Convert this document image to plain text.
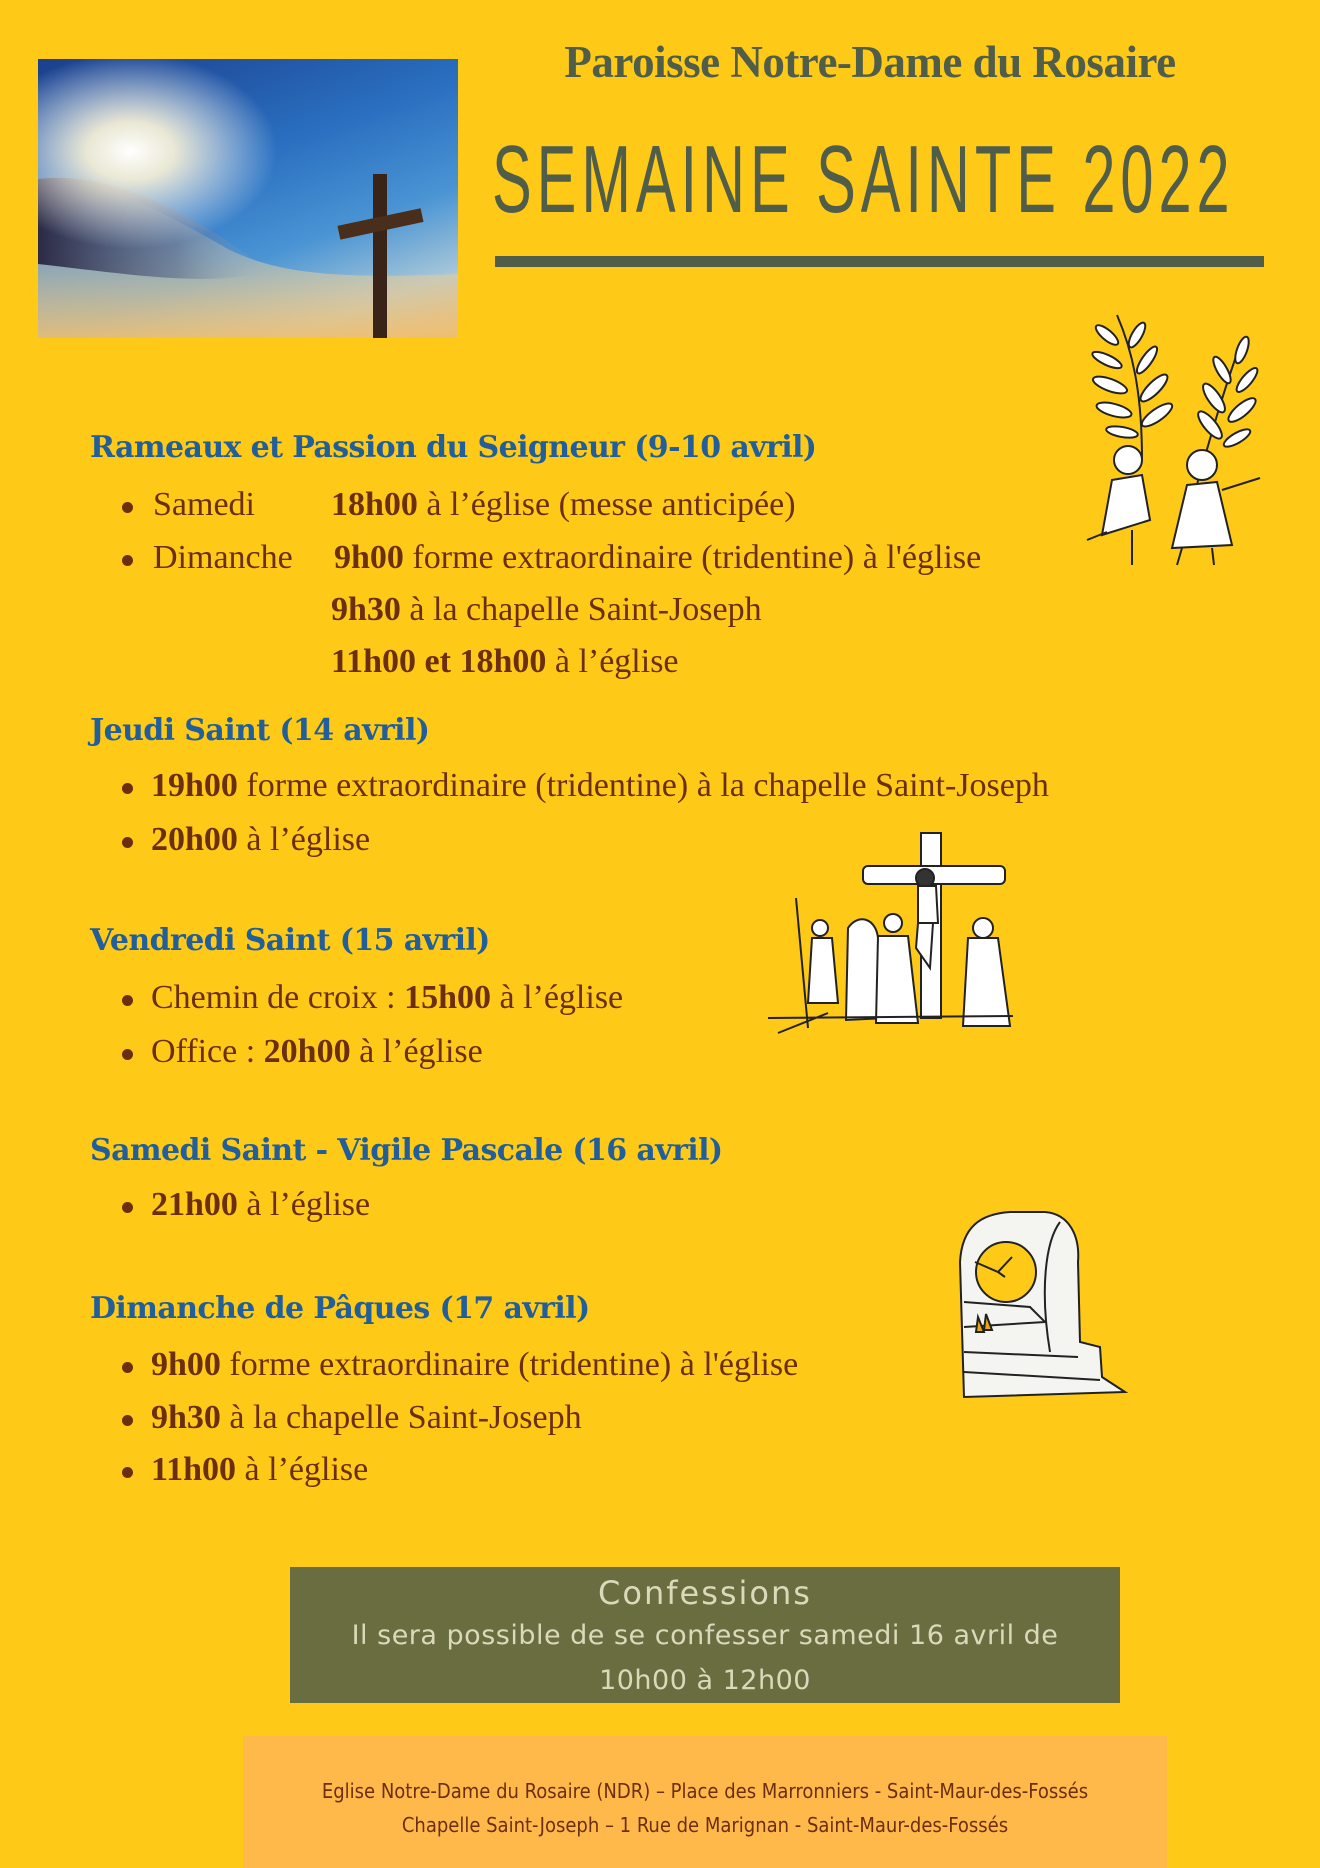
Paroisse Notre-Dame du Rosaire
SEMAINE SAINTE 2022
Rameaux et Passion du Seigneur (9-10 avril)
Samedi 18h00 à l’église (messe anticipée)
Dimanche 9h00 forme extraordinaire (tridentine) à l'église
9h30 à la chapelle Saint-Joseph
11h00 et 18h00 à l’église
Jeudi Saint (14 avril)
19h00 forme extraordinaire (tridentine) à la chapelle Saint-Joseph
20h00 à l’église
Vendredi Saint (15 avril)
Chemin de croix : 15h00 à l’église
Office : 20h00 à l’église
Samedi Saint - Vigile Pascale (16 avril)
21h00 à l’église
Dimanche de Pâques (17 avril)
9h00 forme extraordinaire (tridentine) à l'église
9h30 à la chapelle Saint-Joseph
11h00 à l’église
Confessions
Il sera possible de se confesser samedi 16 avril de
10h00 à 12h00
Eglise Notre-Dame du Rosaire (NDR) – Place des Marronniers - Saint-Maur-des-Fossés
Chapelle Saint-Joseph – 1 Rue de Marignan - Saint-Maur-des-Fossés
